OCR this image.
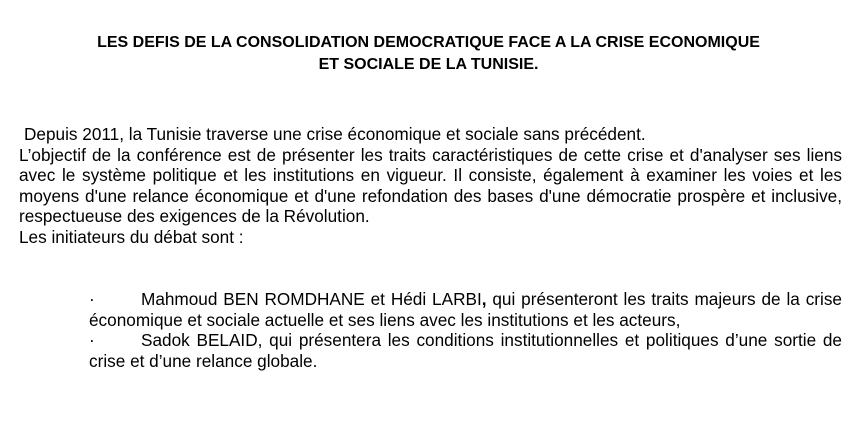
LES DEFIS DE LA CONSOLIDATION DEMOCRATIQUE FACE A LA CRISE ECONOMIQUE
ET SOCIALE DE LA TUNISIE.

Depuis 2011, la Tunisie traverse une crise économique et sociale sans précédent.

L’objectif de la conférence est de présenter les traits caractéristiques de cette crise et d'analyser ses liens avec le système politique et les institutions en vigueur. Il consiste, également à examiner les voies et les moyens d'une relance économique et d'une refondation des bases d'une démocratie prospère et inclusive, respectueuse des exigences de la Révolution.

Les initiateurs du débat sont :

·	Mahmoud BEN ROMDHANE et Hédi LARBI, qui présenteront les traits majeurs de la crise économique et sociale actuelle et ses liens avec les institutions et les acteurs,

·	Sadok BELAID, qui présentera les conditions institutionnelles et politiques d’une sortie de crise et d’une relance globale.
